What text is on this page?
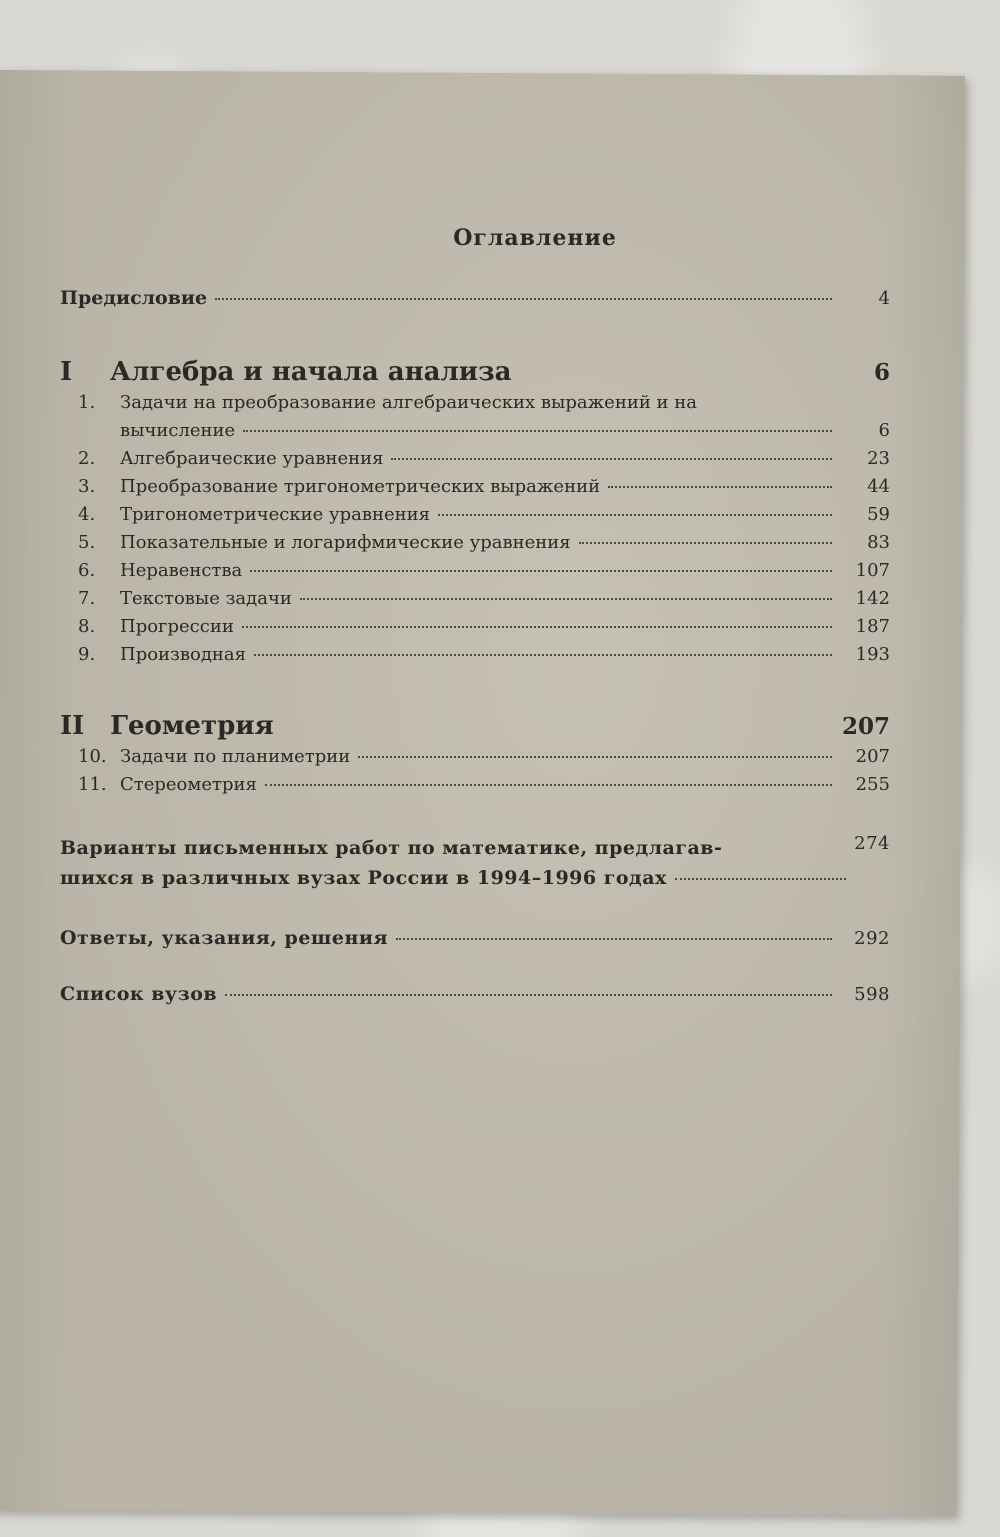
Оглавление
Предисловие	4
I	Алгебра и начала анализа	6
1.	Задачи на преобразование алгебраических выражений и на
вычисление	6
2.	Алгебраические уравнения	23
3.	Преобразование тригонометрических выражений	44
4.	Тригонометрические уравнения	59
5.	Показательные и логарифмические уравнения	83
6.	Неравенства	107
7.	Текстовые задачи	142
8.	Прогрессии	187
9.	Производная	193
II Геометрия	207
10. Задачи по планиметрии	207
11. Стереометрия	255
Варианты письменных работ по математике, предлагав-
шихся в различных вузах России в 1994–1996 годах
274
Ответы, указания, решения	292
Список вузов	598
